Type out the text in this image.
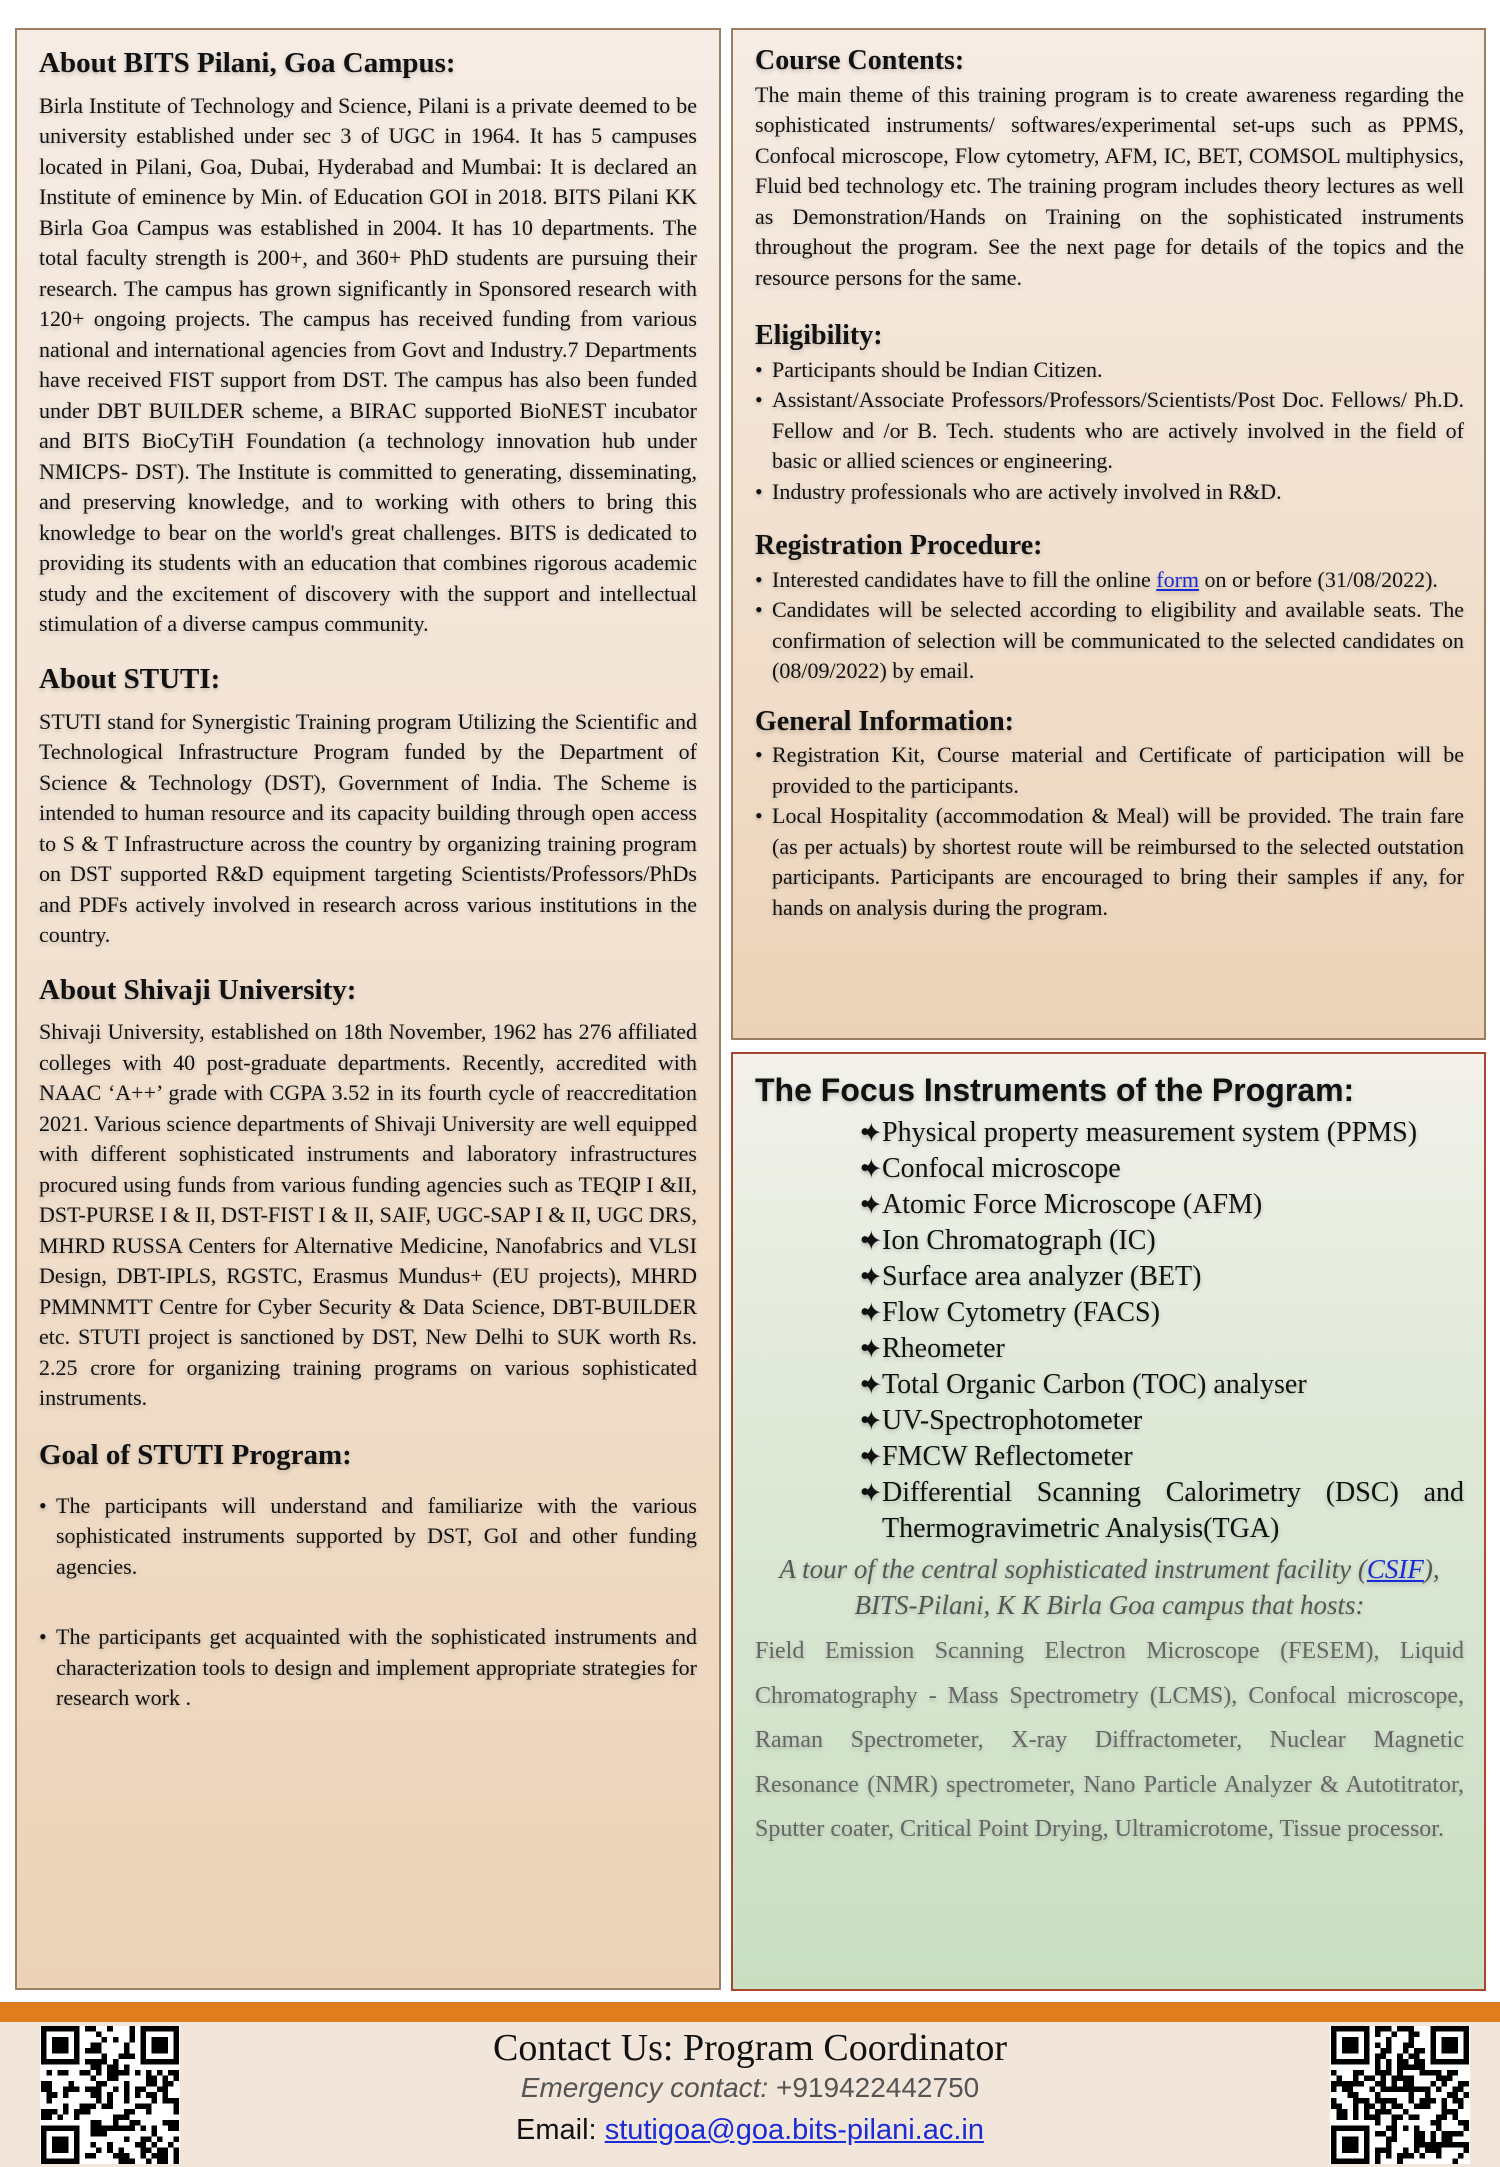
About BITS Pilani, Goa Campus:

Birla Institute of Technology and Science, Pilani is a private deemed to be university established under sec 3 of UGC in 1964. It has 5 campuses located in Pilani, Goa, Dubai, Hyderabad and Mumbai: It is declared an Institute of eminence by Min. of Education GOI in 2018. BITS Pilani KK Birla Goa Campus was established in 2004. It has 10 departments. The total faculty strength is 200+, and 360+ PhD students are pursuing their research. The campus has grown significantly in Sponsored research with 120+ ongoing projects. The campus has received funding from various national and international agencies from Govt and Industry.7 Departments have received FIST support from DST. The campus has also been funded under DBT BUILDER scheme, a BIRAC supported BioNEST incubator and BITS BioCyTiH Foundation (a technology innovation hub under NMICPS- DST). The Institute is committed to generating, disseminating, and preserving knowledge, and to working with others to bring this knowledge to bear on the world's great challenges. BITS is dedicated to providing its students with an education that combines rigorous academic study and the excitement of discovery with the support and intellectual stimulation of a diverse campus community.

About STUTI:

STUTI stand for Synergistic Training program Utilizing the Scientific and Technological Infrastructure Program funded by the Department of Science & Technology (DST), Government of India. The Scheme is intended to human resource and its capacity building through open access to S & T Infrastructure across the country by organizing training program on DST supported R&D equipment targeting Scientists/Professors/PhDs and PDFs actively involved in research across various institutions in the country.

About Shivaji University:

Shivaji University, established on 18th November, 1962 has 276 affiliated colleges with 40 post-graduate departments. Recently, accredited with NAAC ‘A++’ grade with CGPA 3.52 in its fourth cycle of reaccreditation 2021. Various science departments of Shivaji University are well equipped with different sophisticated instruments and laboratory infrastructures procured using funds from various funding agencies such as TEQIP I &II, DST-PURSE I & II, DST-FIST I & II, SAIF, UGC-SAP I & II, UGC DRS, MHRD RUSSA Centers for Alternative Medicine, Nanofabrics and VLSI Design, DBT-IPLS, RGSTC, Erasmus Mundus+ (EU projects), MHRD PMMNMTT Centre for Cyber Security & Data Science, DBT-BUILDER etc. STUTI project is sanctioned by DST, New Delhi to SUK worth Rs. 2.25 crore for organizing training programs on various sophisticated instruments.

Goal of STUTI Program:
• The participants will understand and familiarize with the various sophisticated instruments supported by DST, GoI and other funding agencies.
• The participants get acquainted with the sophisticated instruments and characterization tools to design and implement appropriate strategies for research work .
Course Contents:

The main theme of this training program is to create awareness regarding the sophisticated instruments/ softwares/experimental set-ups such as PPMS, Confocal microscope, Flow cytometry, AFM, IC, BET, COMSOL multiphysics, Fluid bed technology etc. The training program includes theory lectures as well as Demonstration/Hands on Training on the sophisticated instruments throughout the program. See the next page for details of the topics and the resource persons for the same.

Eligibility:
• Participants should be Indian Citizen.
• Assistant/Associate Professors/Professors/Scientists/Post Doc. Fellows/ Ph.D. Fellow and /or B. Tech. students who are actively involved in the field of basic or allied sciences or engineering.
• Industry professionals who are actively involved in R&D.
Registration Procedure:
• Interested candidates have to fill the online form on or before (31/08/2022).
• Candidates will be selected according to eligibility and available seats. The confirmation of selection will be communicated to the selected candidates on (08/09/2022) by email.
General Information:
• Registration Kit, Course material and Certificate of participation will be provided to the participants.
• Local Hospitality (accommodation & Meal) will be provided. The train fare (as per actuals) by shortest route will be reimbursed to the selected outstation participants. Participants are encouraged to bring their samples if any, for hands on analysis during the program.
The Focus Instruments of the Program:
• ✦ Physical property measurement system (PPMS)
• ✦ Confocal microscope
• ✦ Atomic Force Microscope (AFM)
• ✦ Ion Chromatograph (IC)
• ✦ Surface area analyzer (BET)
• ✦ Flow Cytometry (FACS)
• ✦ Rheometer
• ✦ Total Organic Carbon (TOC) analyser
• ✦ UV-Spectrophotometer
• ✦ FMCW Reflectometer
• ✦ Differential Scanning Calorimetry (DSC) and Thermogravimetric Analysis(TGA)
A tour of the central sophisticated instrument facility (CSIF), BITS-Pilani, K K Birla Goa campus that hosts:

Field Emission Scanning Electron Microscope (FESEM), Liquid Chromatography - Mass Spectrometry (LCMS), Confocal microscope, Raman Spectrometer, X-ray Diffractometer, Nuclear Magnetic Resonance (NMR) spectrometer, Nano Particle Analyzer & Autotitrator, Sputter coater, Critical Point Drying, Ultramicrotome, Tissue processor.

Contact Us: Program Coordinator
Emergency contact: +919422442750
Email: stutigoa@goa.bits-pilani.ac.in
